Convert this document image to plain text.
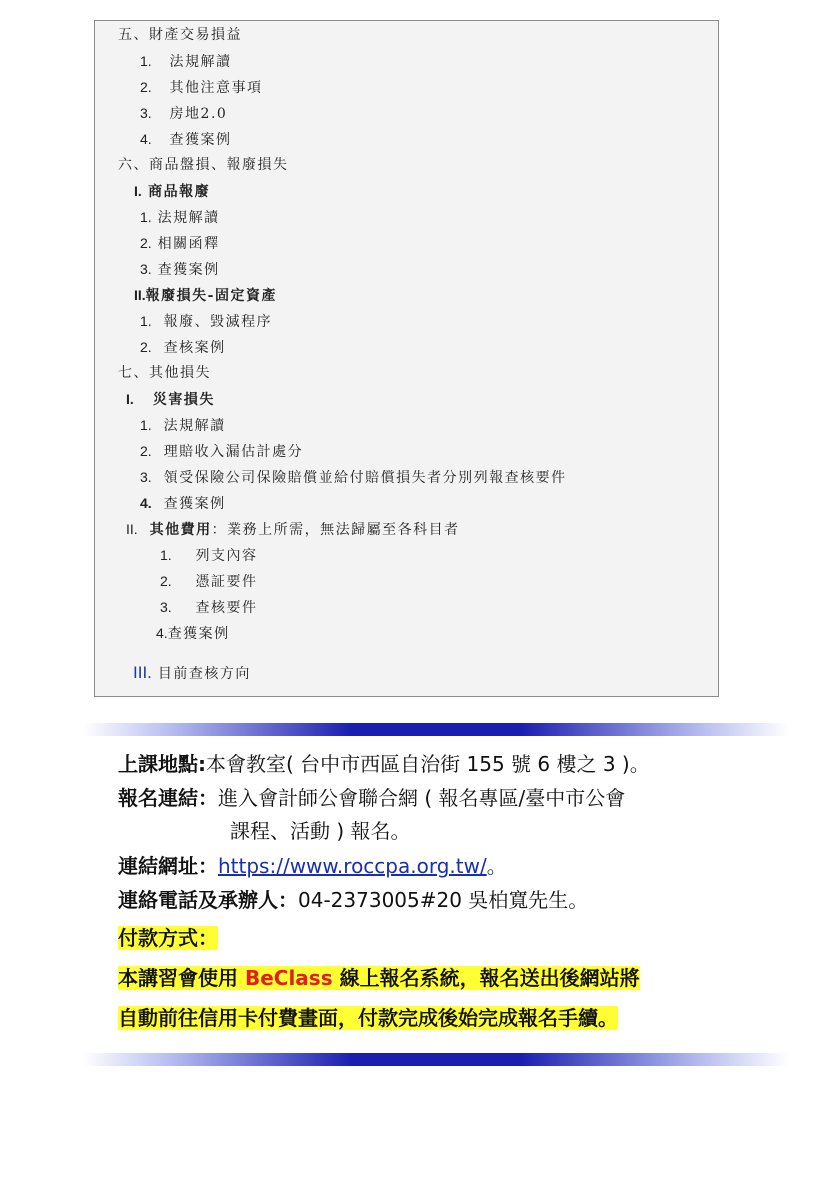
五、財產交易損益
1. 法規解讀
2. 其他注意事項
3. 房地2.0
4. 查獲案例
六、商品盤損、報廢損失
I. 商品報廢
1. 法規解讀
2. 相關函釋
3. 查獲案例
II.報廢損失-固定資產
1. 報廢、毀滅程序
2. 查核案例
七、其他損失
I. 災害損失
1. 法規解讀
2. 理賠收入漏估計處分
3. 領受保險公司保險賠償並給付賠償損失者分別列報查核要件
4. 查獲案例
II. 其他費用：業務上所需，無法歸屬至各科目者
1. 列支內容
2. 憑証要件
3. 查核要件
4.查獲案例
III. 目前查核方向
上課地點:本會教室( 台中市西區自治街 155 號 6 樓之 3 )。
報名連結：進入會計師公會聯合網 ( 報名專區/臺中市公會
課程、活動 ) 報名。
連結網址：https://www.roccpa.org.tw/。
連絡電話及承辦人：04-2373005#20 吳柏寬先生。
付款方式：
本講習會使用 BeClass 線上報名系統，報名送出後網站將
自動前往信用卡付費畫面，付款完成後始完成報名手續。
